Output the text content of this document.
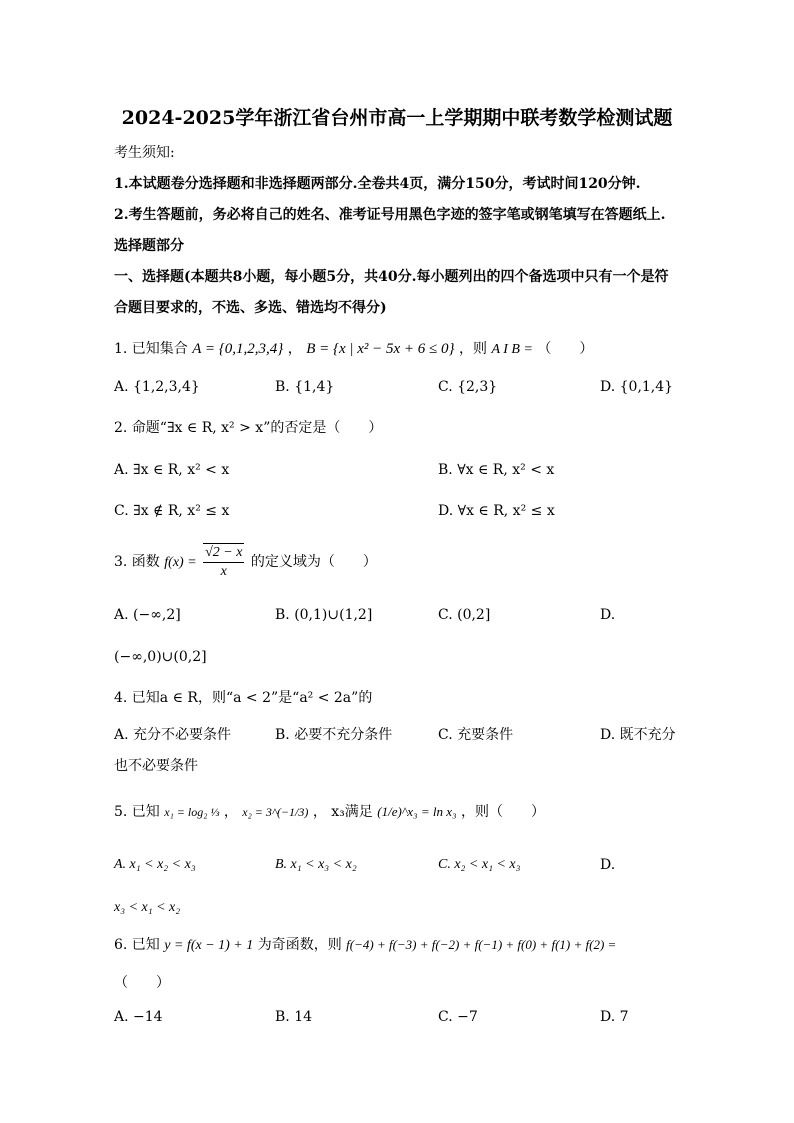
2024-2025学年浙江省台州市高一上学期期中联考数学检测试题
考生须知:
1.本试题卷分选择题和非选择题两部分.全卷共4页，满分150分，考试时间120分钟.
2.考生答题前，务必将自己的姓名、准考证号用黑色字迹的签字笔或钢笔填写在答题纸上.
选择题部分
一、选择题(本题共8小题，每小题5分，共40分.每小题列出的四个备选项中只有一个是符
合题目要求的，不选、多选、错选均不得分)
1. 已知集合 A = {0,1,2,3,4} ， B = {x | x² − 5x + 6 ≤ 0} ，则 A I B = （　　）
A. {1,2,3,4}	B. {1,4}	C. {2,3}	D. {0,1,4}
2. 命题“∃x ∈ R, x² > x”的否定是（　　）
A. ∃x ∈ R, x² < x	B. ∀x ∈ R, x² < x
C. ∃x ∉ R, x² ≤ x	D. ∀x ∈ R, x² ≤ x
3. 函数 $f(x) = \frac{√2 - x}{x}$ 的定义域为（　　）
A. (−∞,2]	B. (0,1)∪(1,2]	C. (0,2]	D.
(−∞,0)∪(0,2]
4. 已知a ∈ R，则“a < 2”是“a² < 2a”的
A. 充分不必要条件	B. 必要不充分条件	C. 充要条件	D. 既不充分
也不必要条件
5. 已知 x₁ = log₂ ⅓ ， x₂ = 3^(−1/3) ， x₃满足 (1/e)^x₃ = ln x₃ ，则（　　）
A. x₁ < x₂ < x₃	B. x₁ < x₃ < x₂	C. x₂ < x₁ < x₃	D.
x₃ < x₁ < x₂
6. 已知 y = f(x − 1) + 1 为奇函数，则 f(−4) + f(−3) + f(−2) + f(−1) + f(0) + f(1) + f(2) =
（　　）
A. −14	B. 14	C. −7	D. 7
